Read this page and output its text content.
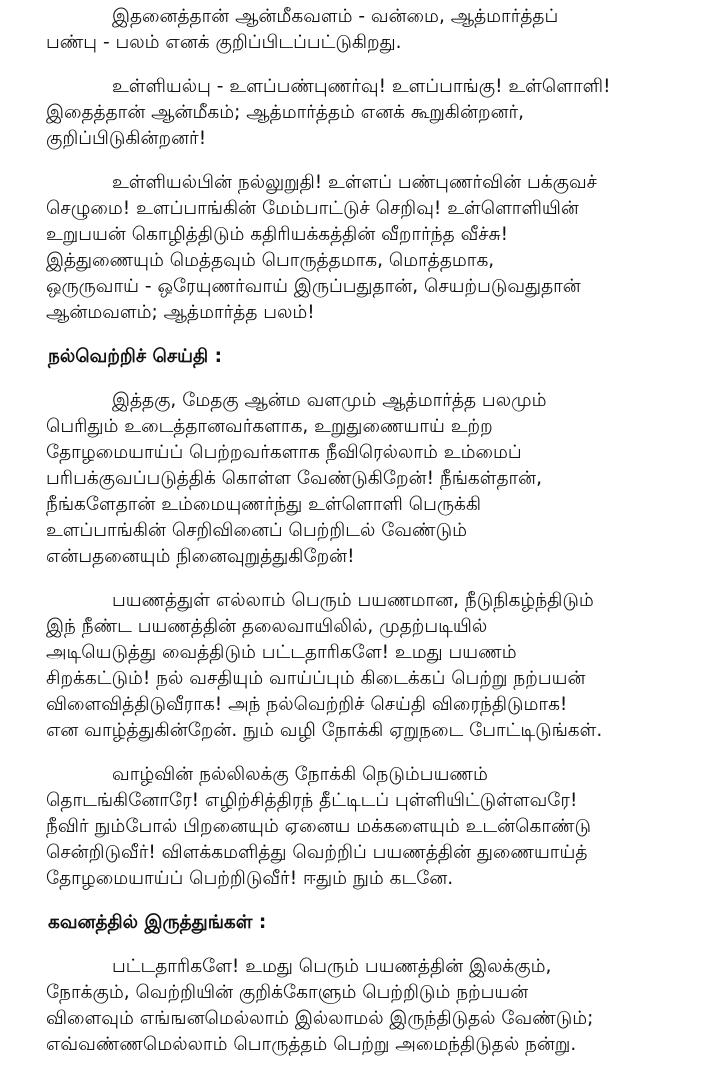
இதனைத்தான் ஆன்மீகவளம் - வன்மை, ஆத்மார்த்தப்
பண்பு - பலம் எனக் குறிப்பிடப்பட்டுகிறது.

உள்ளியல்பு - உளப்பண்புணர்வு! உளப்பாங்கு! உள்ளொளி!
இதைத்தான் ஆன்மீகம்; ஆத்மார்த்தம் எனக் கூறுகின்றனர்,
குறிப்பிடுகின்றனர்!

உள்ளியல்பின் நல்லுறுதி! உள்ளப் பண்புணர்வின் பக்குவச்
செழுமை! உளப்பாங்கின் மேம்பாட்டுச் செறிவு! உள்ளொளியின்
உறுபயன் கொழித்திடும் கதிரியக்கத்தின் வீறார்ந்த வீச்சு!
இத்துணையும் மெத்தவும் பொருத்தமாக, மொத்தமாக,
ஒருருவாய் - ஒரேயுணர்வாய் இருப்பதுதான், செயற்படுவதுதான்
ஆன்மவளம்; ஆத்மார்த்த பலம்!

நல்வெற்றிச் செய்தி :

இத்தகு, மேதகு ஆன்ம வளமும் ஆத்மார்த்த பலமும்
பெரிதும் உடைத்தானவர்களாக, உறுதுணையாய் உற்ற
தோழமையாய்ப் பெற்றவர்களாக நீவிரெல்லாம் உம்மைப்
பரிபக்குவப்படுத்திக் கொள்ள வேண்டுகிறேன்! நீங்கள்தான்,
நீங்களேதான் உம்மையுணர்ந்து உள்ளொளி பெருக்கி
உளப்பாங்கின் செறிவினைப் பெற்றிடல் வேண்டும்
என்பதனையும் நினைவுறுத்துகிறேன்!

பயணத்துள் எல்லாம் பெரும் பயணமான, நீடுநிகழ்ந்திடும்
இந் நீண்ட பயணத்தின் தலைவாயிலில், முதற்படியில்
அடியெடுத்து வைத்திடும் பட்டதாரிகளே! உமது பயணம்
சிறக்கட்டும்! நல் வசதியும் வாய்ப்பும் கிடைக்கப் பெற்று நற்பயன்
விளைவித்திடுவீராக! அந் நல்வெற்றிச் செய்தி விரைந்திடுமாக!
என வாழ்த்துகின்றேன். நும் வழி நோக்கி ஏறுநடை போட்டிடுங்கள்.

வாழ்வின் நல்லிலக்கு நோக்கி நெடும்பயணம்
தொடங்கினோரே! எழிற்சித்திரந் தீட்டிடப் புள்ளியிட்டுள்ளவரே!
நீவிர் நும்போல் பிறனையும் ஏனைய மக்களையும் உடன்கொண்டு
சென்றிடுவீர்! விளக்கமளித்து வெற்றிப் பயணத்தின் துணையாய்த்
தோழமையாய்ப் பெற்றிடுவீர்! ஈதும் நும் கடனே.

கவனத்தில் இருத்துங்கள் :

பட்டதாரிகளே! உமது பெரும் பயணத்தின் இலக்கும்,
நோக்கும், வெற்றியின் குறிக்கோளும் பெற்றிடும் நற்பயன்
விளைவும் எங்ஙனமெல்லாம் இல்லாமல் இருந்திடுதல் வேண்டும்;
எவ்வண்ணமெல்லாம் பொருத்தம் பெற்று அமைந்திடுதல் நன்று.
